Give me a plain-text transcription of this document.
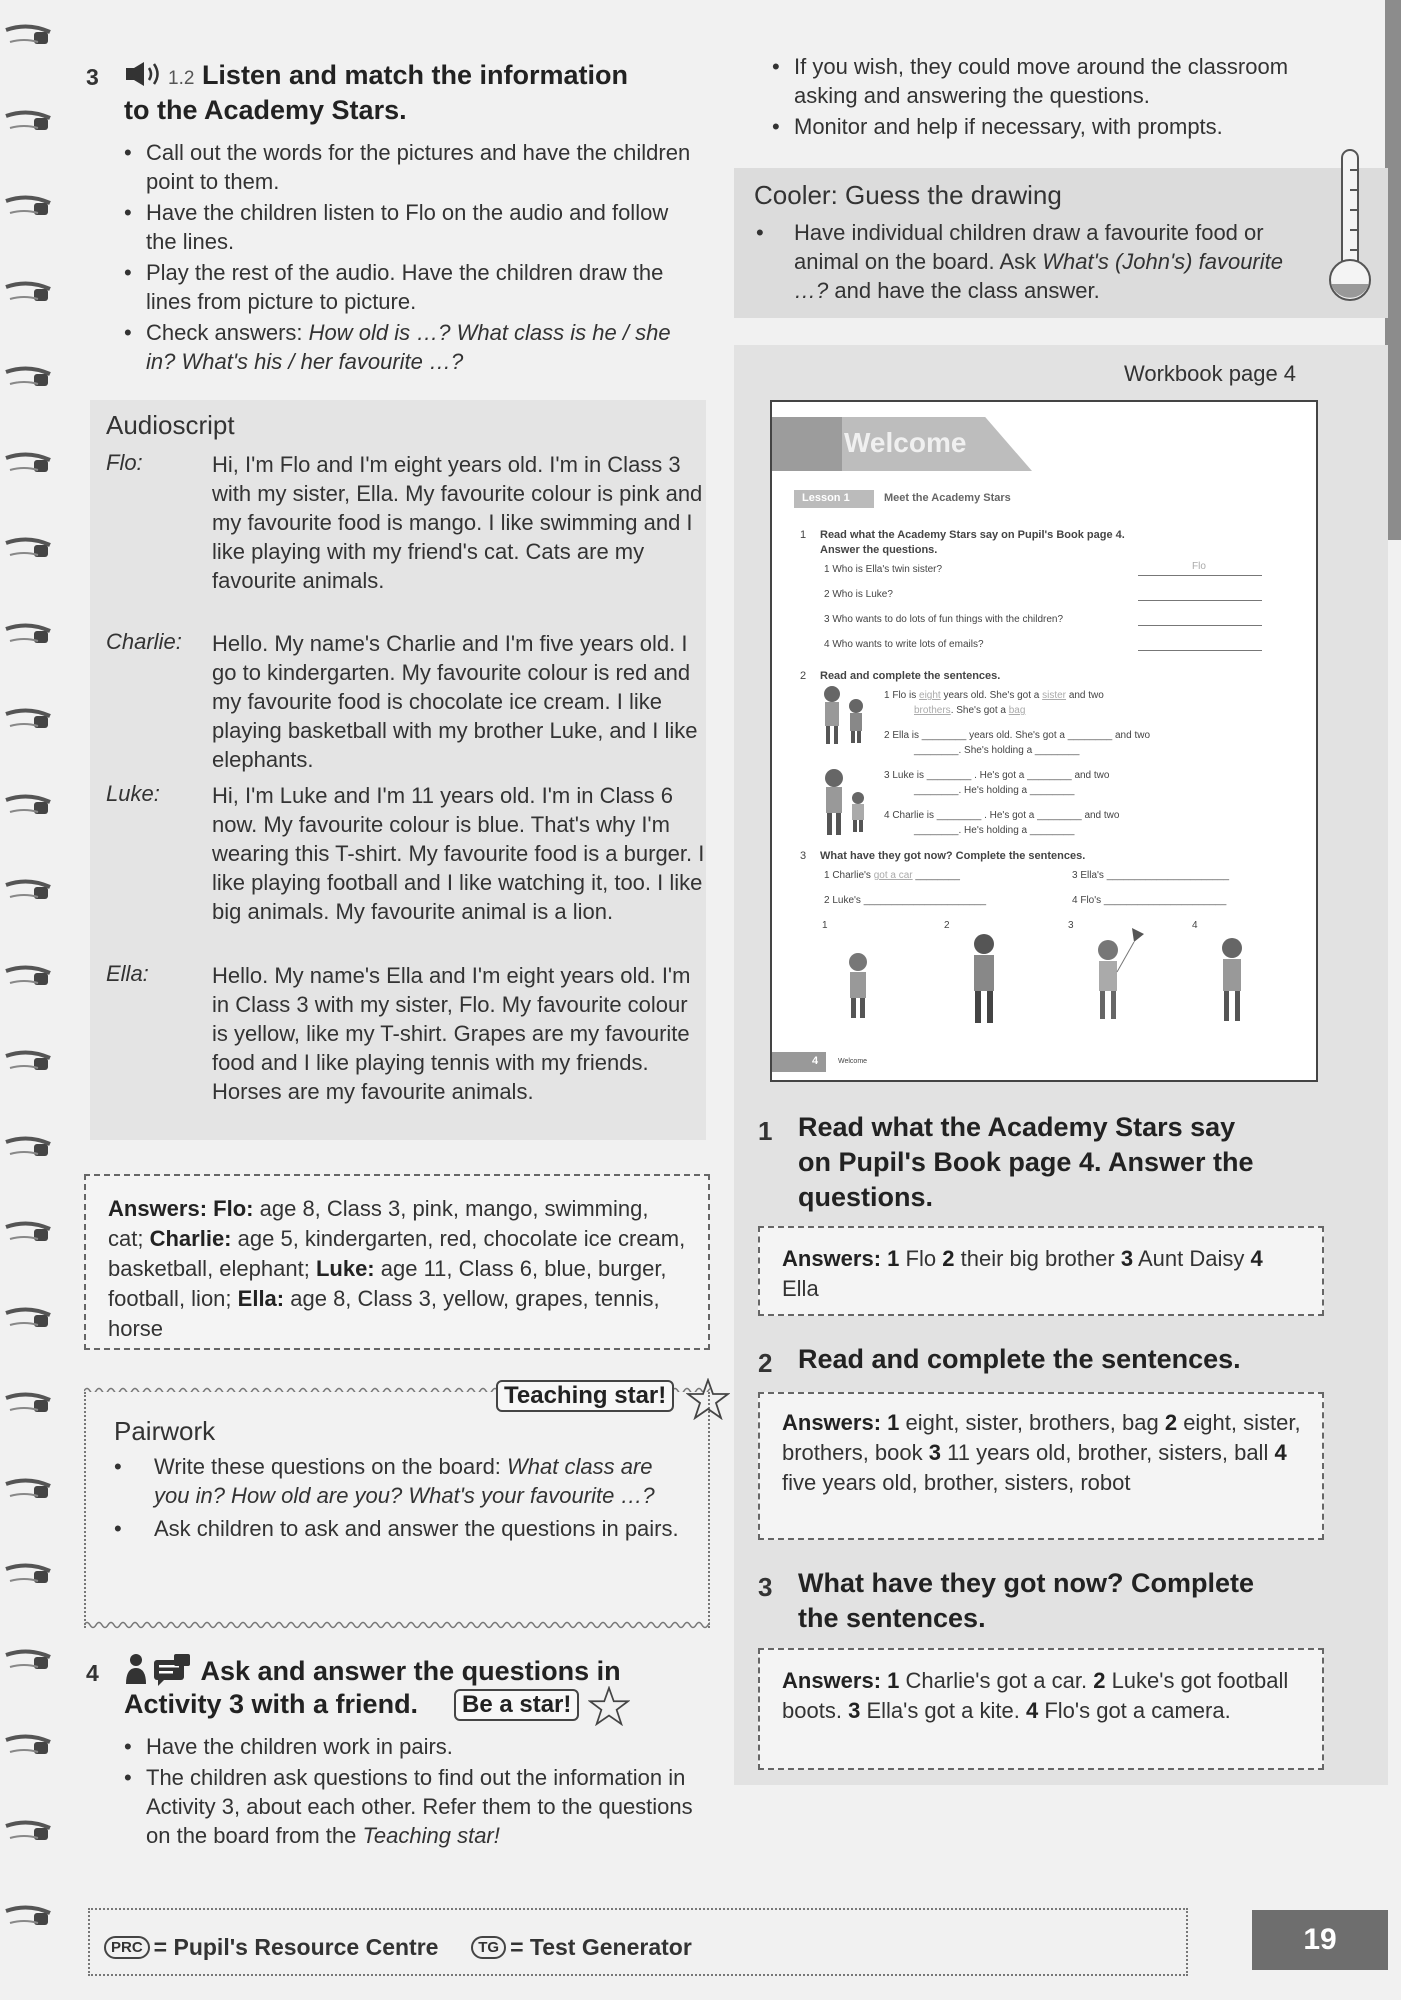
3	1.2 Listen and match the information
to the Academy Stars.
• Call out the words for the pictures and have the children point to them.
• Have the children listen to Flo on the audio and follow the lines.
• Play the rest of the audio. Have the children draw the lines from picture to picture.
• Check answers: How old is …? What class is he / she in? What's his / her favourite …?
Audioscript
Flo:	Hi, I'm Flo and I'm eight years old. I'm in Class 3 with my sister, Ella. My favourite colour is pink and my favourite food is mango. I like swimming and I like playing with my friend's cat. Cats are my favourite animals.
Charlie: Hello. My name's Charlie and I'm five years old. I go to kindergarten. My favourite colour is red and my favourite food is chocolate ice cream. I like playing basketball with my brother Luke, and I like elephants.
Luke: Hi, I'm Luke and I'm 11 years old. I'm in Class 6 now. My favourite colour is blue. That's why I'm wearing this T-shirt. My favourite food is a burger. I like playing football and I like watching it, too. I like big animals. My favourite animal is a lion.
Ella:	Hello. My name's Ella and I'm eight years old. I'm in Class 3 with my sister, Flo. My favourite colour is yellow, like my T-shirt. Grapes are my favourite food and I like playing tennis with my friends. Horses are my favourite animals.
Answers: Flo: age 8, Class 3, pink, mango, swimming, cat; Charlie: age 5, kindergarten, red, chocolate ice cream, basketball, elephant; Luke: age 11, Class 6, blue, burger, football, lion; Ella: age 8, Class 3, yellow, grapes, tennis, horse
Teaching star!
Pairwork
• Write these questions on the board: What class are you in? How old are you? What's your favourite …?
• Ask children to ask and answer the questions in pairs.
4	Ask and answer the questions in
Activity 3 with a friend.	Be a star!
• Have the children work in pairs.
• The children ask questions to find out the information in Activity 3, about each other. Refer them to the questions on the board from the Teaching star!
• If you wish, they could move around the classroom asking and answering the questions.
• Monitor and help if necessary, with prompts.
Cooler: Guess the drawing
• Have individual children draw a favourite food or animal on the board. Ask What's (John's) favourite …? and have the class answer.
Workbook page 4
Welcome
Lesson 1	Meet the Academy Stars
1 Read what the Academy Stars say on Pupil's Book page 4.
Answer the questions.
1 Who is Ella's twin sister?
2 Who is Luke?
3 Who wants to do lots of fun things with the children?
4 Who wants to write lots of emails?
Flo
2 Read and complete the sentences.
1 Flo is eight years old. She's got a sister and two
brothers. She's got a bag
2 Ella is ________ years old. She's got a ________ and two
________. She's holding a ________
3 Luke is ________ . He's got a ________ and two
________. He's holding a ________
4 Charlie is ________ . He's got a ________ and two
________. He's holding a ________
3 What have they got now? Complete the sentences.
1 Charlie's got a car ________	3 Ella's ______________________
2 Luke's ______________________	4 Flo's ______________________
1	2	3	4
4	Welcome
1 Read what the Academy Stars say
on Pupil's Book page 4. Answer the
questions.
Answers: 1 Flo 2 their big brother 3 Aunt Daisy 4 Ella
2 Read and complete the sentences.
Answers: 1 eight, sister, brothers, bag 2 eight, sister, brothers, book 3 11 years old, brother, sisters, ball 4 five years old, brother, sisters, robot
3 What have they got now? Complete
the sentences.
Answers: 1 Charlie's got a car. 2 Luke's got football boots. 3 Ella's got a kite. 4 Flo's got a camera.
PRC = Pupil's Resource Centre	TG = Test Generator	19
